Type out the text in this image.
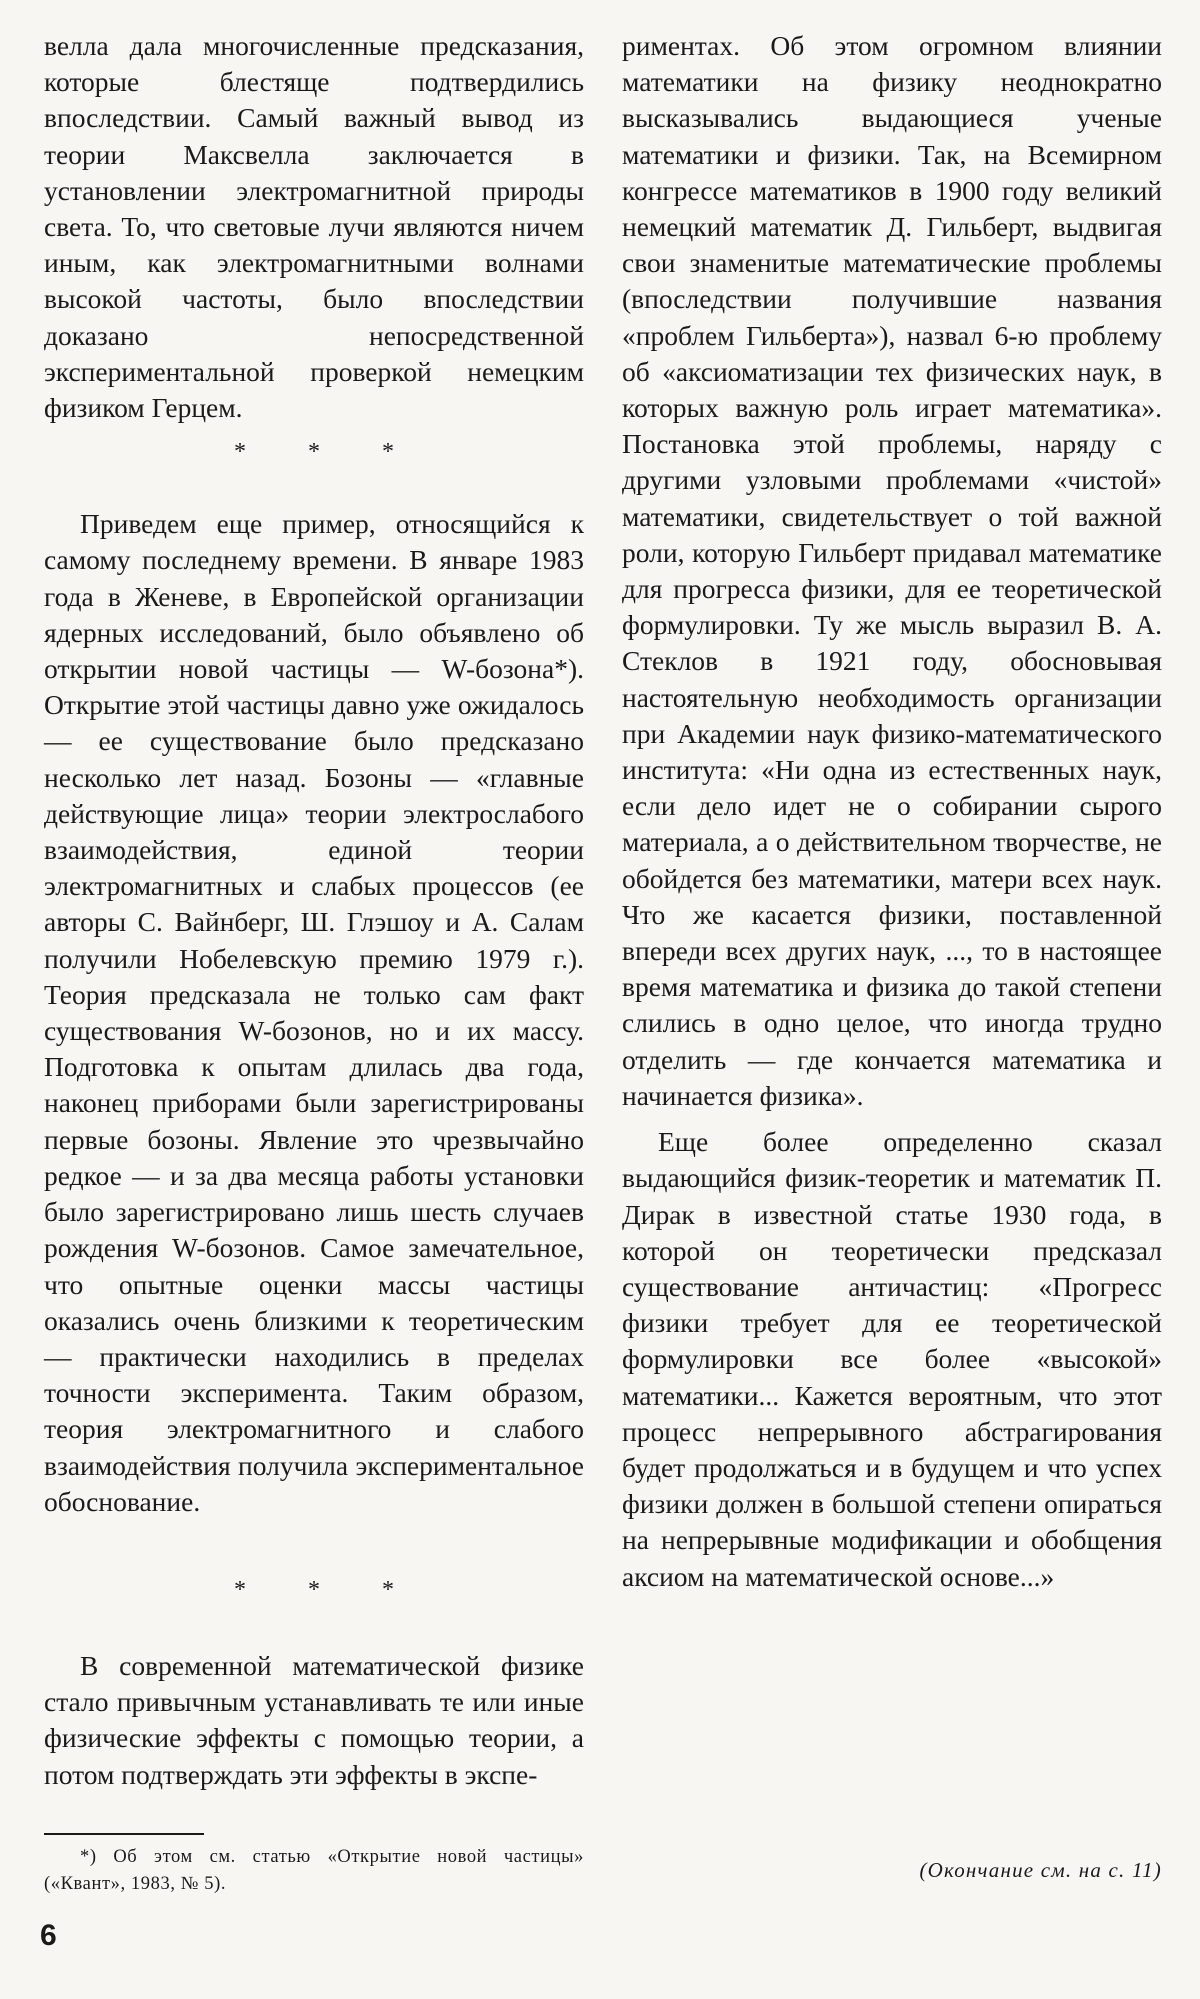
велла дала многочисленные предсказания, которые блестяще подтвердились впоследствии. Самый важный вывод из теории Максвелла заключается в установлении электромагнитной природы света. То, что световые лучи являются ничем иным, как электромагнитными волнами высокой частоты, было впоследствии доказано непосредственной экспериментальной проверкой немецким физиком Герцем.

* * *

Приведем еще пример, относящийся к самому последнему времени. В январе 1983 года в Женеве, в Европейской организации ядерных исследований, было объявлено об открытии новой частицы — W-бозона*). Открытие этой частицы давно уже ожидалось — ее существование было предсказано несколько лет назад. Бозоны — «главные действующие лица» теории электрослабого взаимодействия, единой теории электромагнитных и слабых процессов (ее авторы С. Вайнберг, Ш. Глэшоу и А. Салам получили Нобелевскую премию 1979 г.). Теория предсказала не только сам факт существования W-бозонов, но и их массу. Подготовка к опытам длилась два года, наконец приборами были зарегистрированы первые бозоны. Явление это чрезвычайно редкое — и за два месяца работы установки было зарегистрировано лишь шесть случаев рождения W-бозонов. Самое замечательное, что опытные оценки массы частицы оказались очень близкими к теоретическим — практически находились в пределах точности эксперимента. Таким образом, теория электромагнитного и слабого взаимодействия получила экспериментальное обоснование.

* * *

В современной математической физике стало привычным устанавливать те или иные физические эффекты с помощью теории, а потом подтверждать эти эффекты в экспе-

риментах. Об этом огромном влиянии математики на физику неоднократно высказывались выдающиеся ученые математики и физики. Так, на Всемирном конгрессе математиков в 1900 году великий немецкий математик Д. Гильберт, выдвигая свои знаменитые математические проблемы (впоследствии получившие названия «проблем Гильберта»), назвал 6-ю проблему об «аксиоматизации тех физических наук, в которых важную роль играет математика». Постановка этой проблемы, наряду с другими узловыми проблемами «чистой» математики, свидетельствует о той важной роли, которую Гильберт придавал математике для прогресса физики, для ее теоретической формулировки. Ту же мысль выразил В. А. Стеклов в 1921 году, обосновывая настоятельную необходимость организации при Академии наук физико-математического института: «Ни одна из естественных наук, если дело идет не о собирании сырого материала, а о действительном творчестве, не обойдется без математики, матери всех наук. Что же касается физики, поставленной впереди всех других наук, ..., то в настоящее время математика и физика до такой степени слились в одно целое, что иногда трудно отделить — где кончается математика и начинается физика».

Еще более определенно сказал выдающийся физик-теоретик и математик П. Дирак в известной статье 1930 года, в которой он теоретически предсказал существование античастиц: «Прогресс физики требует для ее теоретической формулировки все более «высокой» математики... Кажется вероятным, что этот процесс непрерывного абстрагирования будет продолжаться и в будущем и что успех физики должен в большой степени опираться на непрерывные модификации и обобщения аксиом на математической основе...»

*) Об этом см. статью «Открытие новой частицы» («Квант», 1983, № 5).
(Окончание см. на с. 11)
6
